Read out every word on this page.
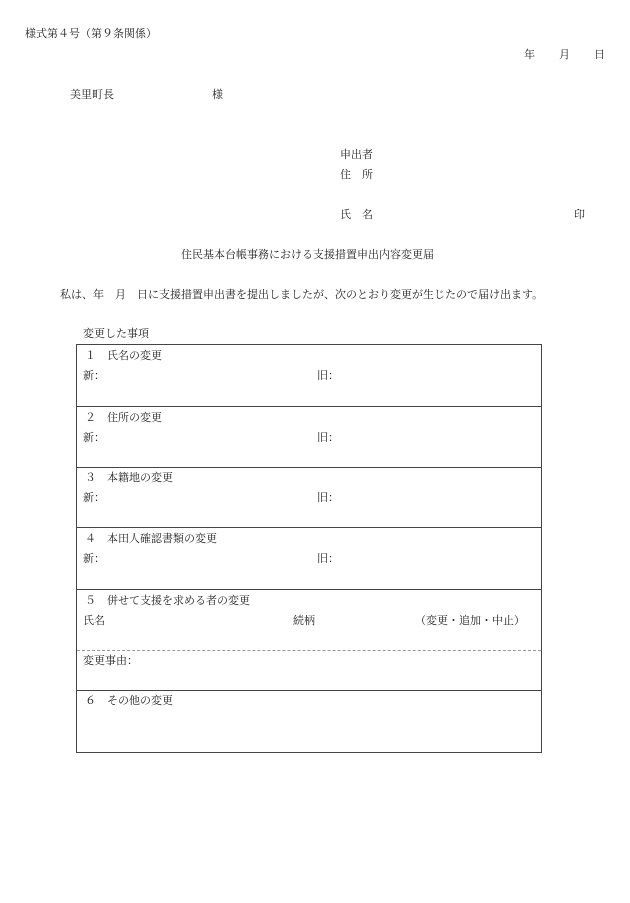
様式第４号（第９条関係）
年 月 日
美里町長	様
申出者
住　所
氏　名	印
住民基本台帳事務における支援措置申出内容変更届
私は、年　月　日に支援措置申出書を提出しましたが、次のとおり変更が生じたので届け出ます。
変更した事項
１　氏名の変更
新：	旧：
２　住所の変更
新：	旧：
３　本籍地の変更
新：	旧：
４　本田人確認書類の変更
新：	旧：
５　併せて支援を求める者の変更
氏名	続柄	（変更・追加・中止）
変更事由：
６　その他の変更
